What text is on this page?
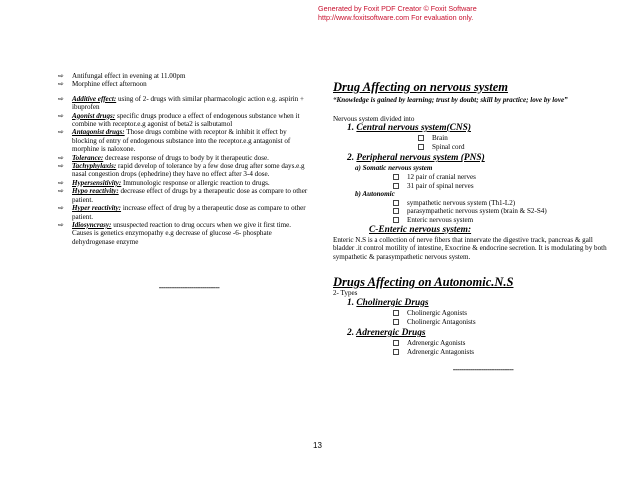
Generated by Foxit PDF Creator © Foxit Software
http://www.foxitsoftware.com For evaluation only.
⇨ Antifungal effect in evening at 11.00pm
⇨ Morphine effect afternoon
⇨ Additive effect: using of 2- drugs with similar pharmacologic action e.g. aspirin + ibuprofen
⇨ Agonist drugs: specific drugs produce a effect of endogenous substance when it combine with receptor.e.g agonist of beta2 is salbutamol
⇨ Antagonist drugs: Those drugs combine with receptor & inhibit it effect by blocking of entry of endogenous substance into the receptor.e.g antagonist of morphine is naloxone.
⇨ Tolerance: decrease response of drugs to body by it therapeutic dose.
⇨ Tachyphylaxis: rapid develop of tolerance by a few dose drug after some days.e.g nasal congestion drops (ephedrine) they have no effect after 3-4 dose.
⇨ Hypersensitivity: Immunologic response or allergic reaction to drugs.
⇨ Hypo reactivity: decrease effect of drugs by a therapeutic dose as compare to other patient.
⇨ Hyper reactivity: increase effect of drug by a therapeutic dose as compare to other patient.
⇨ Idiosyncrasy: unsuspected reaction to drug occurs when we give it first time. Causes is genetics enzymopathy e.g decrease of glucose -6- phosphate dehydrogenase enzyme
----------------------------
Drug Affecting on nervous system
“Knowledge is gained by learning; trust by doubt; skill by practice; love by love”
Nervous system divided into
1. Central nervous system(CNS)
Brain
Spinal cord
2. Peripheral nervous system (PNS)
a) Somatic nervous system
12 pair of cranial nerves
31 pair of spinal nerves
b) Autonomic
sympathetic nervous system (Th1-L2)
parasympathetic nervous system (brain & S2-S4)
Enteric nervous system
C-Enteric nervous system:
Enteric N.S is a collection of nerve fibers that innervate the digestive track, pancreas & gall bladder .it control motility of intestine, Exocrine & endocrine secretion. It is modulating by both sympathetic & parasympathetic nervous system.
Drugs Affecting on Autonomic.N.S
2- Types
1. Cholinergic Drugs
Cholinergic Agonists
Cholinergic Antagonists
2. Adrenergic Drugs
Adrenergic Agonists
Adrenergic Antagonists
----------------------------
13
